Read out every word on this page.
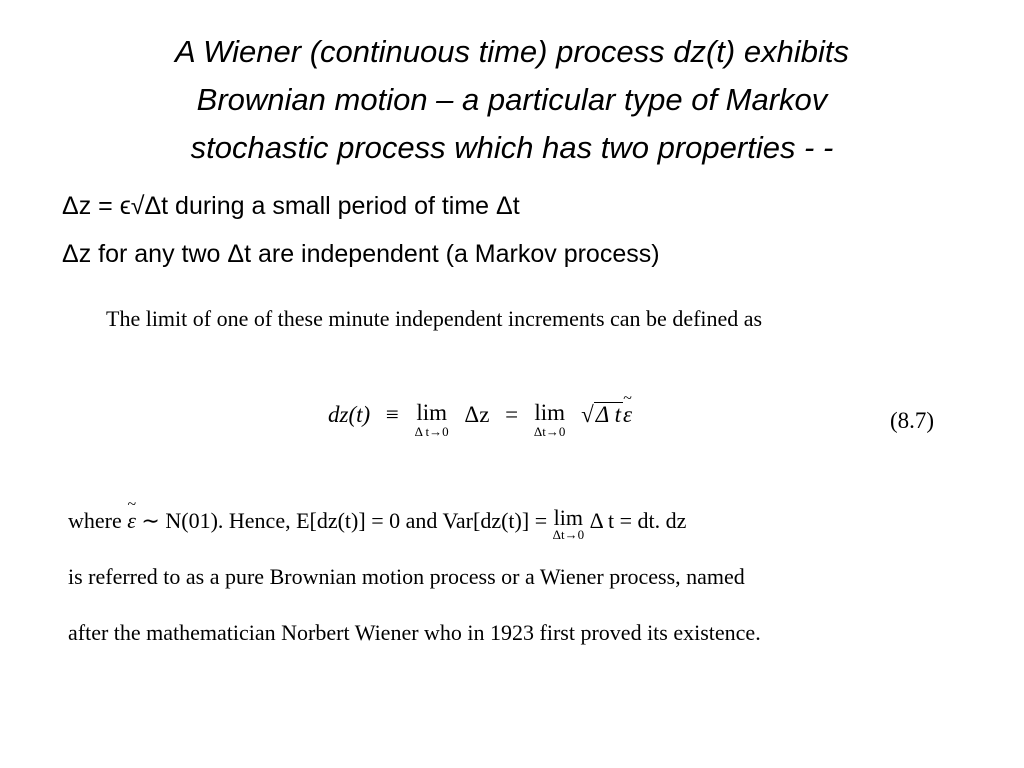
A Wiener (continuous time) process dz(t) exhibits
Brownian motion – a particular type of Markov
stochastic process which has two properties - -
Δz = ϵ√Δt during a small period of time Δt
Δz for any two Δt are independent (a Markov process)
The limit of one of these minute independent increments can be defined as
dz(t) ≡ lim
Δ t→0
Δz = lim
Δt→0
√Δ t~ ε	(8.7)
where ~ ε ∼ N(01). Hence, E[dz(t)] = 0 and Var[dz(t)] = lim
Δt→0
Δ t = dt. dz
is referred to as a pure Brownian motion process or a Wiener process, named
after the mathematician Norbert Wiener who in 1923 first proved its existence.
